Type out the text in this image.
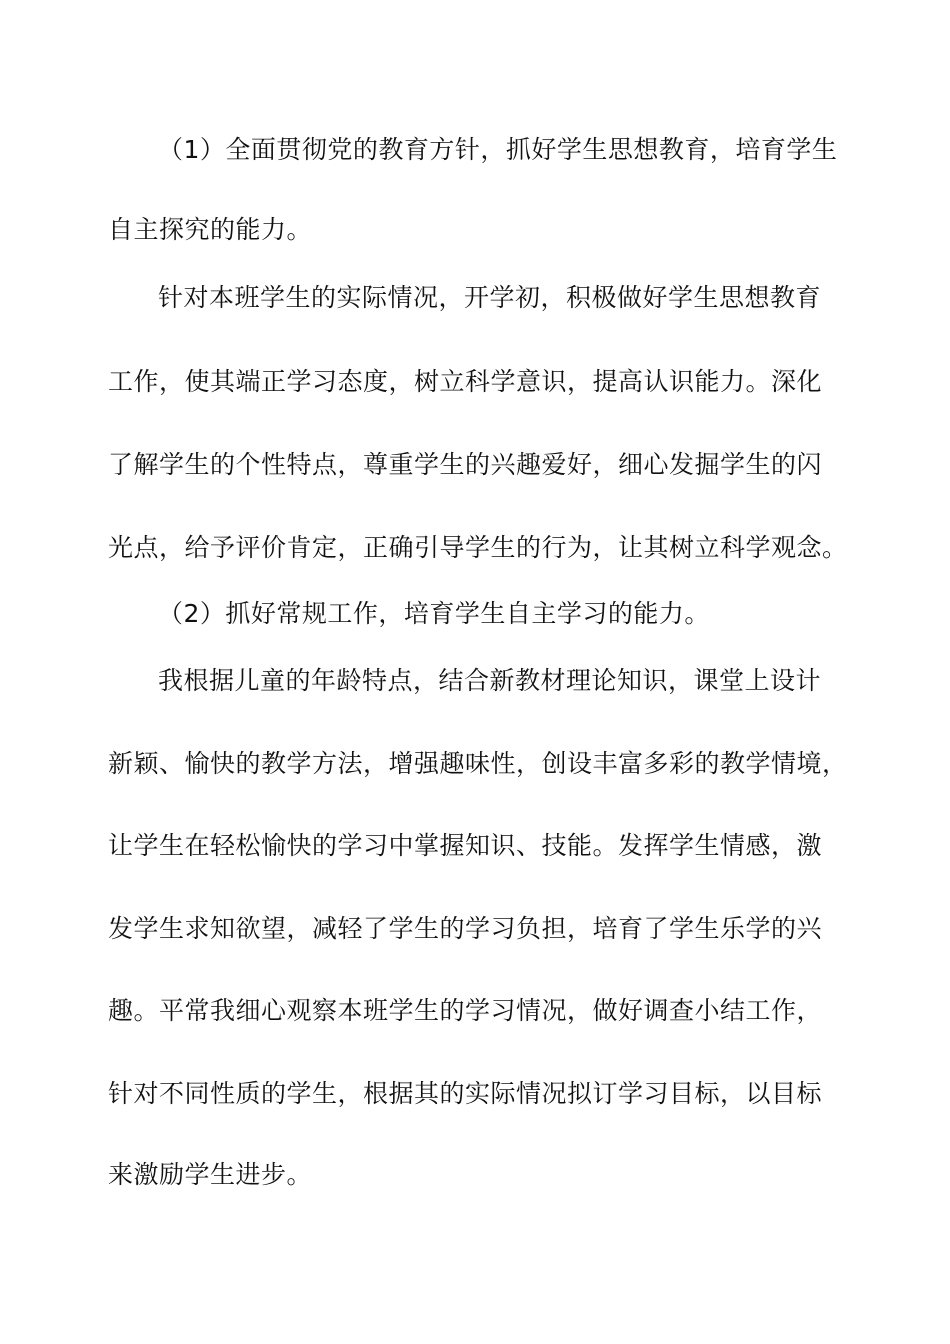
（1）全面贯彻党的教育方针，抓好学生思想教育，培育学生
自主探究的能力。
针对本班学生的实际情况，开学初，积极做好学生思想教育
工作，使其端正学习态度，树立科学意识，提高认识能力。深化
了解学生的个性特点，尊重学生的兴趣爱好，细心发掘学生的闪
光点，给予评价肯定，正确引导学生的行为，让其树立科学观念。
（2）抓好常规工作，培育学生自主学习的能力。
我根据儿童的年龄特点，结合新教材理论知识，课堂上设计
新颖、愉快的教学方法，增强趣味性，创设丰富多彩的教学情境，
让学生在轻松愉快的学习中掌握知识、技能。发挥学生情感，激
发学生求知欲望，减轻了学生的学习负担，培育了学生乐学的兴
趣。平常我细心观察本班学生的学习情况，做好调查小结工作，
针对不同性质的学生，根据其的实际情况拟订学习目标，以目标
来激励学生进步。
